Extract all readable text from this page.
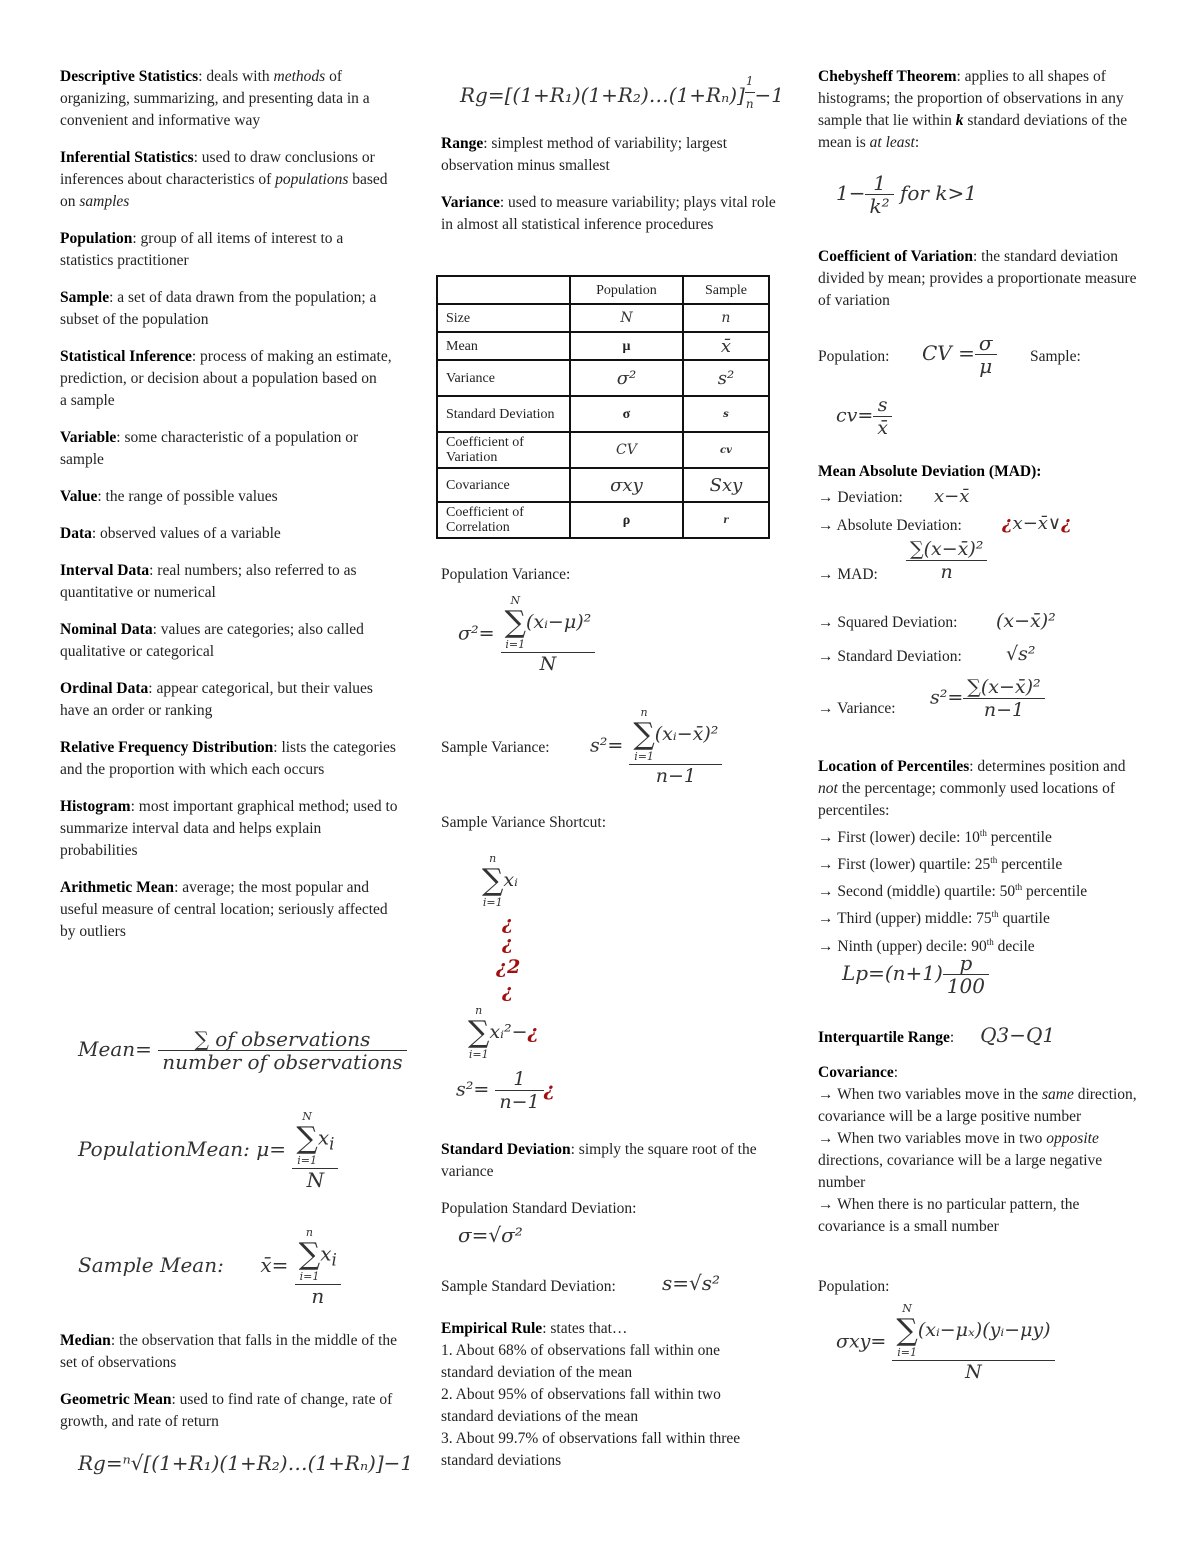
Descriptive Statistics: deals with methods of organizing, summarizing, and presenting data in a convenient and informative way

Inferential Statistics: used to draw conclusions or inferences about characteristics of populations based on samples

Population: group of all items of interest to a statistics practitioner

Sample: a set of data drawn from the population; a subset of the population

Statistical Inference: process of making an estimate, prediction, or decision about a population based on
a sample

Variable: some characteristic of a population or sample

Value: the range of possible values

Data: observed values of a variable

Interval Data: real numbers; also referred to as quantitative or numerical

Nominal Data: values are categories; also called qualitative or categorical

Ordinal Data: appear categorical, but their values have an order or ranking

Relative Frequency Distribution: lists the categories and the proportion with which each occurs

Histogram: most important graphical method; used to summarize interval data and helps explain probabilities

Arithmetic Mean: average; the most popular and useful measure of central location; seriously affected by outliers

Mean= $\frac{\text{∑ of observations}}{\text{number of observations}}$
PopulationMean: μ= N
∑
i=1
$x_i$
N
Sample Mean: x̄= n
∑
i=1
$x_i$
n

Median: the observation that falls in the middle of the set of observations

Geometric Mean: used to find rate of change, rate of growth, and rate of return

Rg=ⁿ√[(1+R₁)(1+R₂)…(1+Rₙ)]−1
Rg=[(1+R₁)(1+R₂)…(1+Rₙ)] $\frac{1}{n} -1$

Range: simplest method of variability; largest observation minus smallest

Variance: used to measure variability; plays vital role in almost all statistical inference procedures

	Population	Sample
Size	N	n
Mean	μ	x̄
Variance	σ²	s²
Standard Deviation	σ	s
Coefficient of Variation	CV	cv
Covariance	σxy	Sxy
Coefficient of Correlation	ρ	r
Population Variance:
σ²= N
∑
i=1
(xᵢ−μ)²
N
Sample Variance: s²= n
∑
i=1
(xᵢ−x̄)²
n−1
Sample Variance Shortcut:
n
∑
i=1
xᵢ
¿
¿
¿2
¿
n
∑
i=1
xᵢ²−¿
$s^2= \frac{1}{n-1}$ ¿

Standard Deviation: simply the square root of the variance

Population Standard Deviation:

σ=√σ²
Sample Standard Deviation: s=√s²

Empirical Rule: states that…

1. About 68% of observations fall within one standard deviation of the mean

2. About 95% of observations fall within two standard deviations of the mean

3. About 99.7% of observations fall within three standard deviations

Chebysheff Theorem: applies to all shapes of histograms; the proportion of observations in any sample that lie within k standard deviations of the mean is at least:

$1- \frac{1}{\text{k²}}$ for k>1

Coefficient of Variation: the standard deviation divided by mean; provides a proportionate measure of variation

Population: CV = $\frac{\sigma}{\mu}$ Sample:
$cv= \frac{s}{x̄}$
Mean Absolute Deviation (MAD):
→ Deviation: x−x̄
→ Absolute Deviation: ¿x−x̄∨¿
→ MAD: $\frac{\text{∑(x−x̄)²}}{n}$
→ Squared Deviation: (x−x̄)²
→ Standard Deviation: √s²
→ Variance: $s^2= \frac{\text{∑(x−x̄)²}}{n-1}$

Location of Percentiles: determines position and not the percentage; commonly used locations of percentiles:

→ First (lower) decile: 10th percentile

→ First (lower) quartile: 25th percentile

→ Second (middle) quartile: 50th percentile

→ Third (upper) middle: 75th quartile

→ Ninth (upper) decile: 90th decile

$Lp=(n+1) \frac{p}{100}$
Interquartile Range: Q3−Q1

Covariance:

→ When two variables move in the same direction, covariance will be a large positive number

→ When two variables move in two opposite directions, covariance will be a large negative number

→ When there is no particular pattern, the covariance is a small number

Population:
σxy= N
∑
i=1
(xᵢ−μₓ)(yᵢ−μy)
N
